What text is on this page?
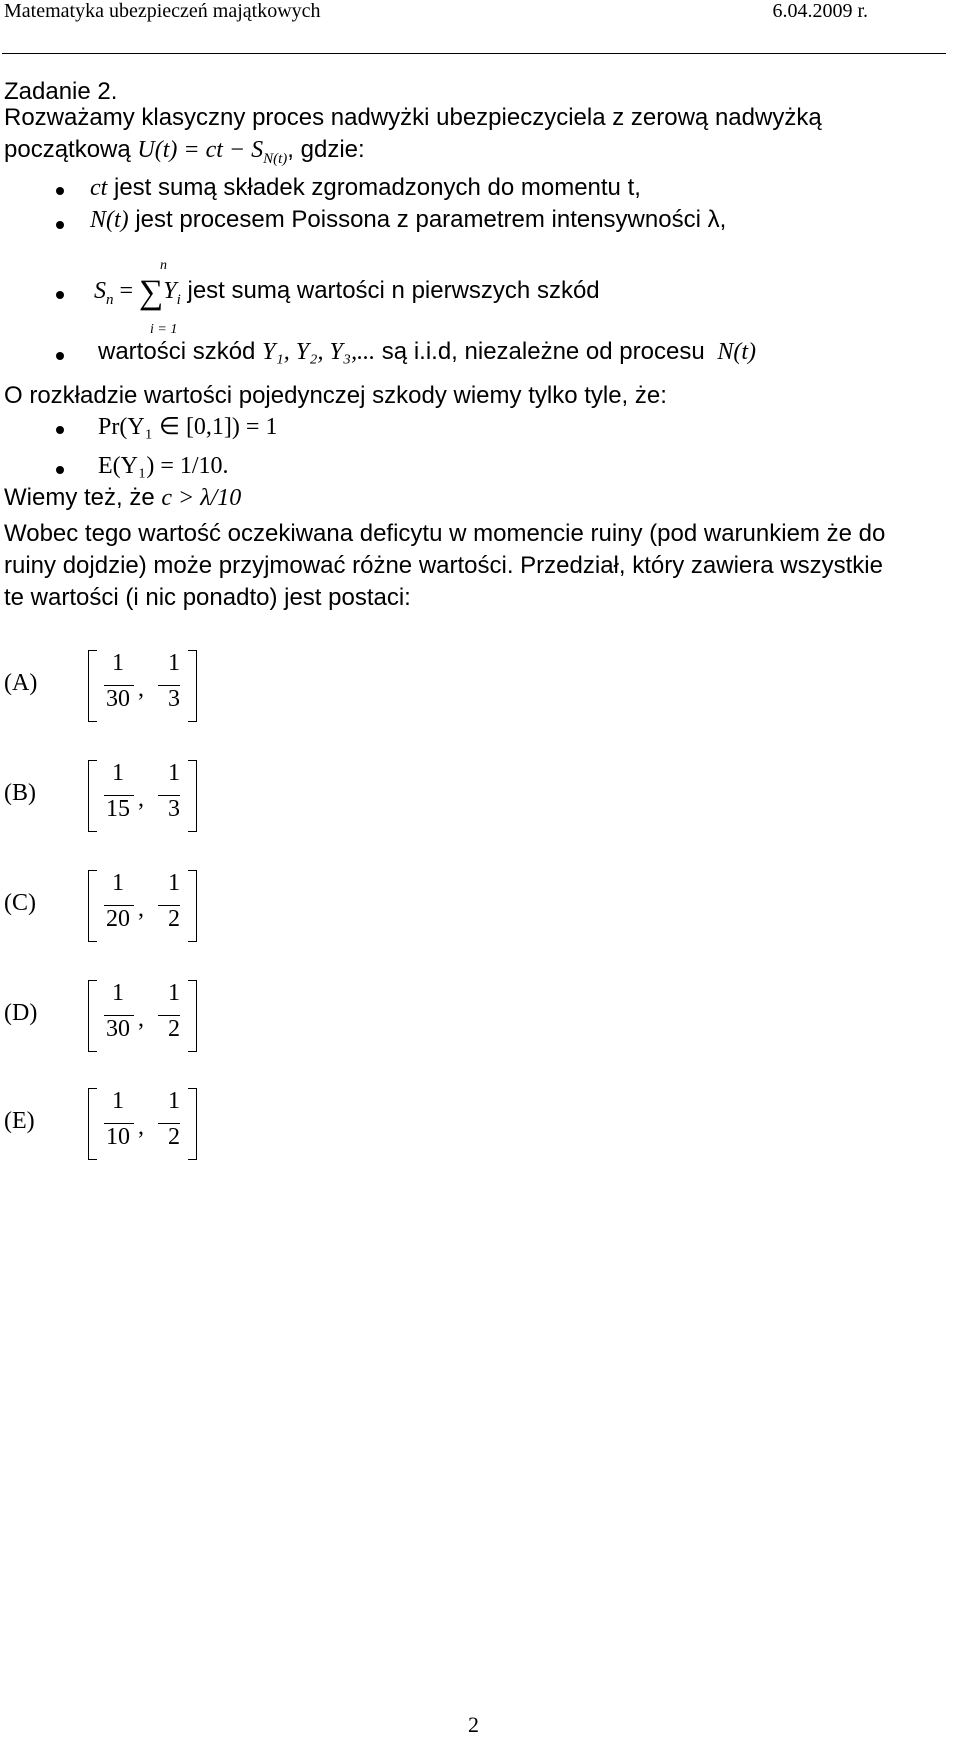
Matematyka ubezpieczeń majątkowych	6.04.2009 r.
Zadanie 2.
Rozważamy klasyczny proces nadwyżki ubezpieczyciela z zerową nadwyżką
początkową U(t) = ct − $S_{N(t)}$, gdzie:
ct jest sumą składek zgromadzonych do momentu t,
N(t) jest procesem Poissona z parametrem intensywności λ,
$S_n = \sum Y_i$ jest sumą wartości n pierwszych szkód
n
i = 1
wartości szkód Y₁, Y₂, Y₃,... są i.i.d, niezależne od procesu N(t)
O rozkładzie wartości pojedynczej szkody wiemy tylko tyle, że:
Pr(Y₁ ∈ [0,1]) = 1
E(Y₁) = 1/10.
Wiemy też, że c > λ/10
Wobec tego wartość oczekiwana deficytu w momencie ruiny (pod warunkiem że do
ruiny dojdzie) może przyjmować różne wartości. Przedział, który zawiera wszystkie
te wartości (i nic ponadto) jest postaci:
(A)
1
30 ,
1
3
(B)
1
15 ,
1
3
(C)
1
20 ,
1
2
(D)
1
30 ,
1
2
(E)
1
10 ,
1
2
2
